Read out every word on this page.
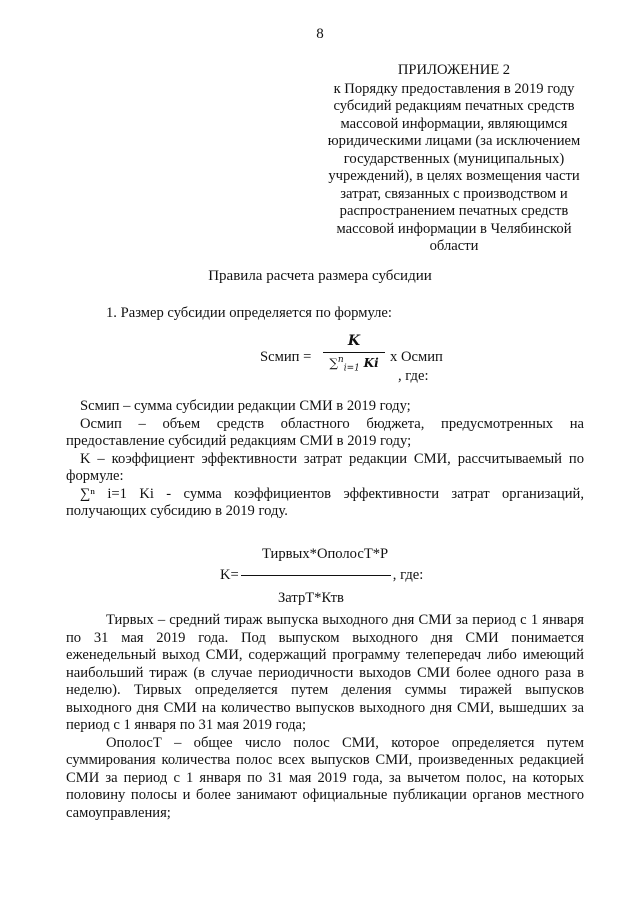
8
ПРИЛОЖЕНИЕ 2
к Порядку предоставления в 2019 году
субсидий редакциям печатных средств
массовой информации, являющимся
юридическими лицами (за исключением
государственных (муниципальных)
учреждений), в целях возмещения части
затрат, связанных с производством и
распространением печатных средств
массовой информации в Челябинской
области
Правила расчета размера субсидии
1. Размер субсидии определяется по формуле:
Sсмип =
K
∑$^n_{i=1}$ Ki x Осмип
, где:

Sсмип – сумма субсидии редакции СМИ в 2019 году;

Осмип – объем средств областного бюджета, предусмотренных на предоставление субсидий редакциям СМИ в 2019 году;

K – коэффициент эффективности затрат редакции СМИ, рассчитываемый по формуле:

∑ⁿ i=1 Ki - сумма коэффициентов эффективности затрат организаций, получающих субсидию в 2019 году.

Тирвых*ОполосТ*Р
K=	, где:
ЗатрТ*Ктв

Тирвых – средний тираж выпуска выходного дня СМИ за период с 1 января по 31 мая 2019 года. Под выпуском выходного дня СМИ понимается еженедельный выход СМИ, содержащий программу телепередач либо имеющий наибольший тираж (в случае периодичности выходов СМИ более одного раза в неделю). Тирвых определяется путем деления суммы тиражей выпусков выходного дня СМИ на количество выпусков выходного дня СМИ, вышедших за период с 1 января по 31 мая 2019 года;

ОполосТ – общее число полос СМИ, которое определяется путем суммирования количества полос всех выпусков СМИ, произведенных редакцией СМИ за период с 1 января по 31 мая 2019 года, за вычетом полос, на которых половину полосы и более занимают официальные публикации органов местного самоуправления;
